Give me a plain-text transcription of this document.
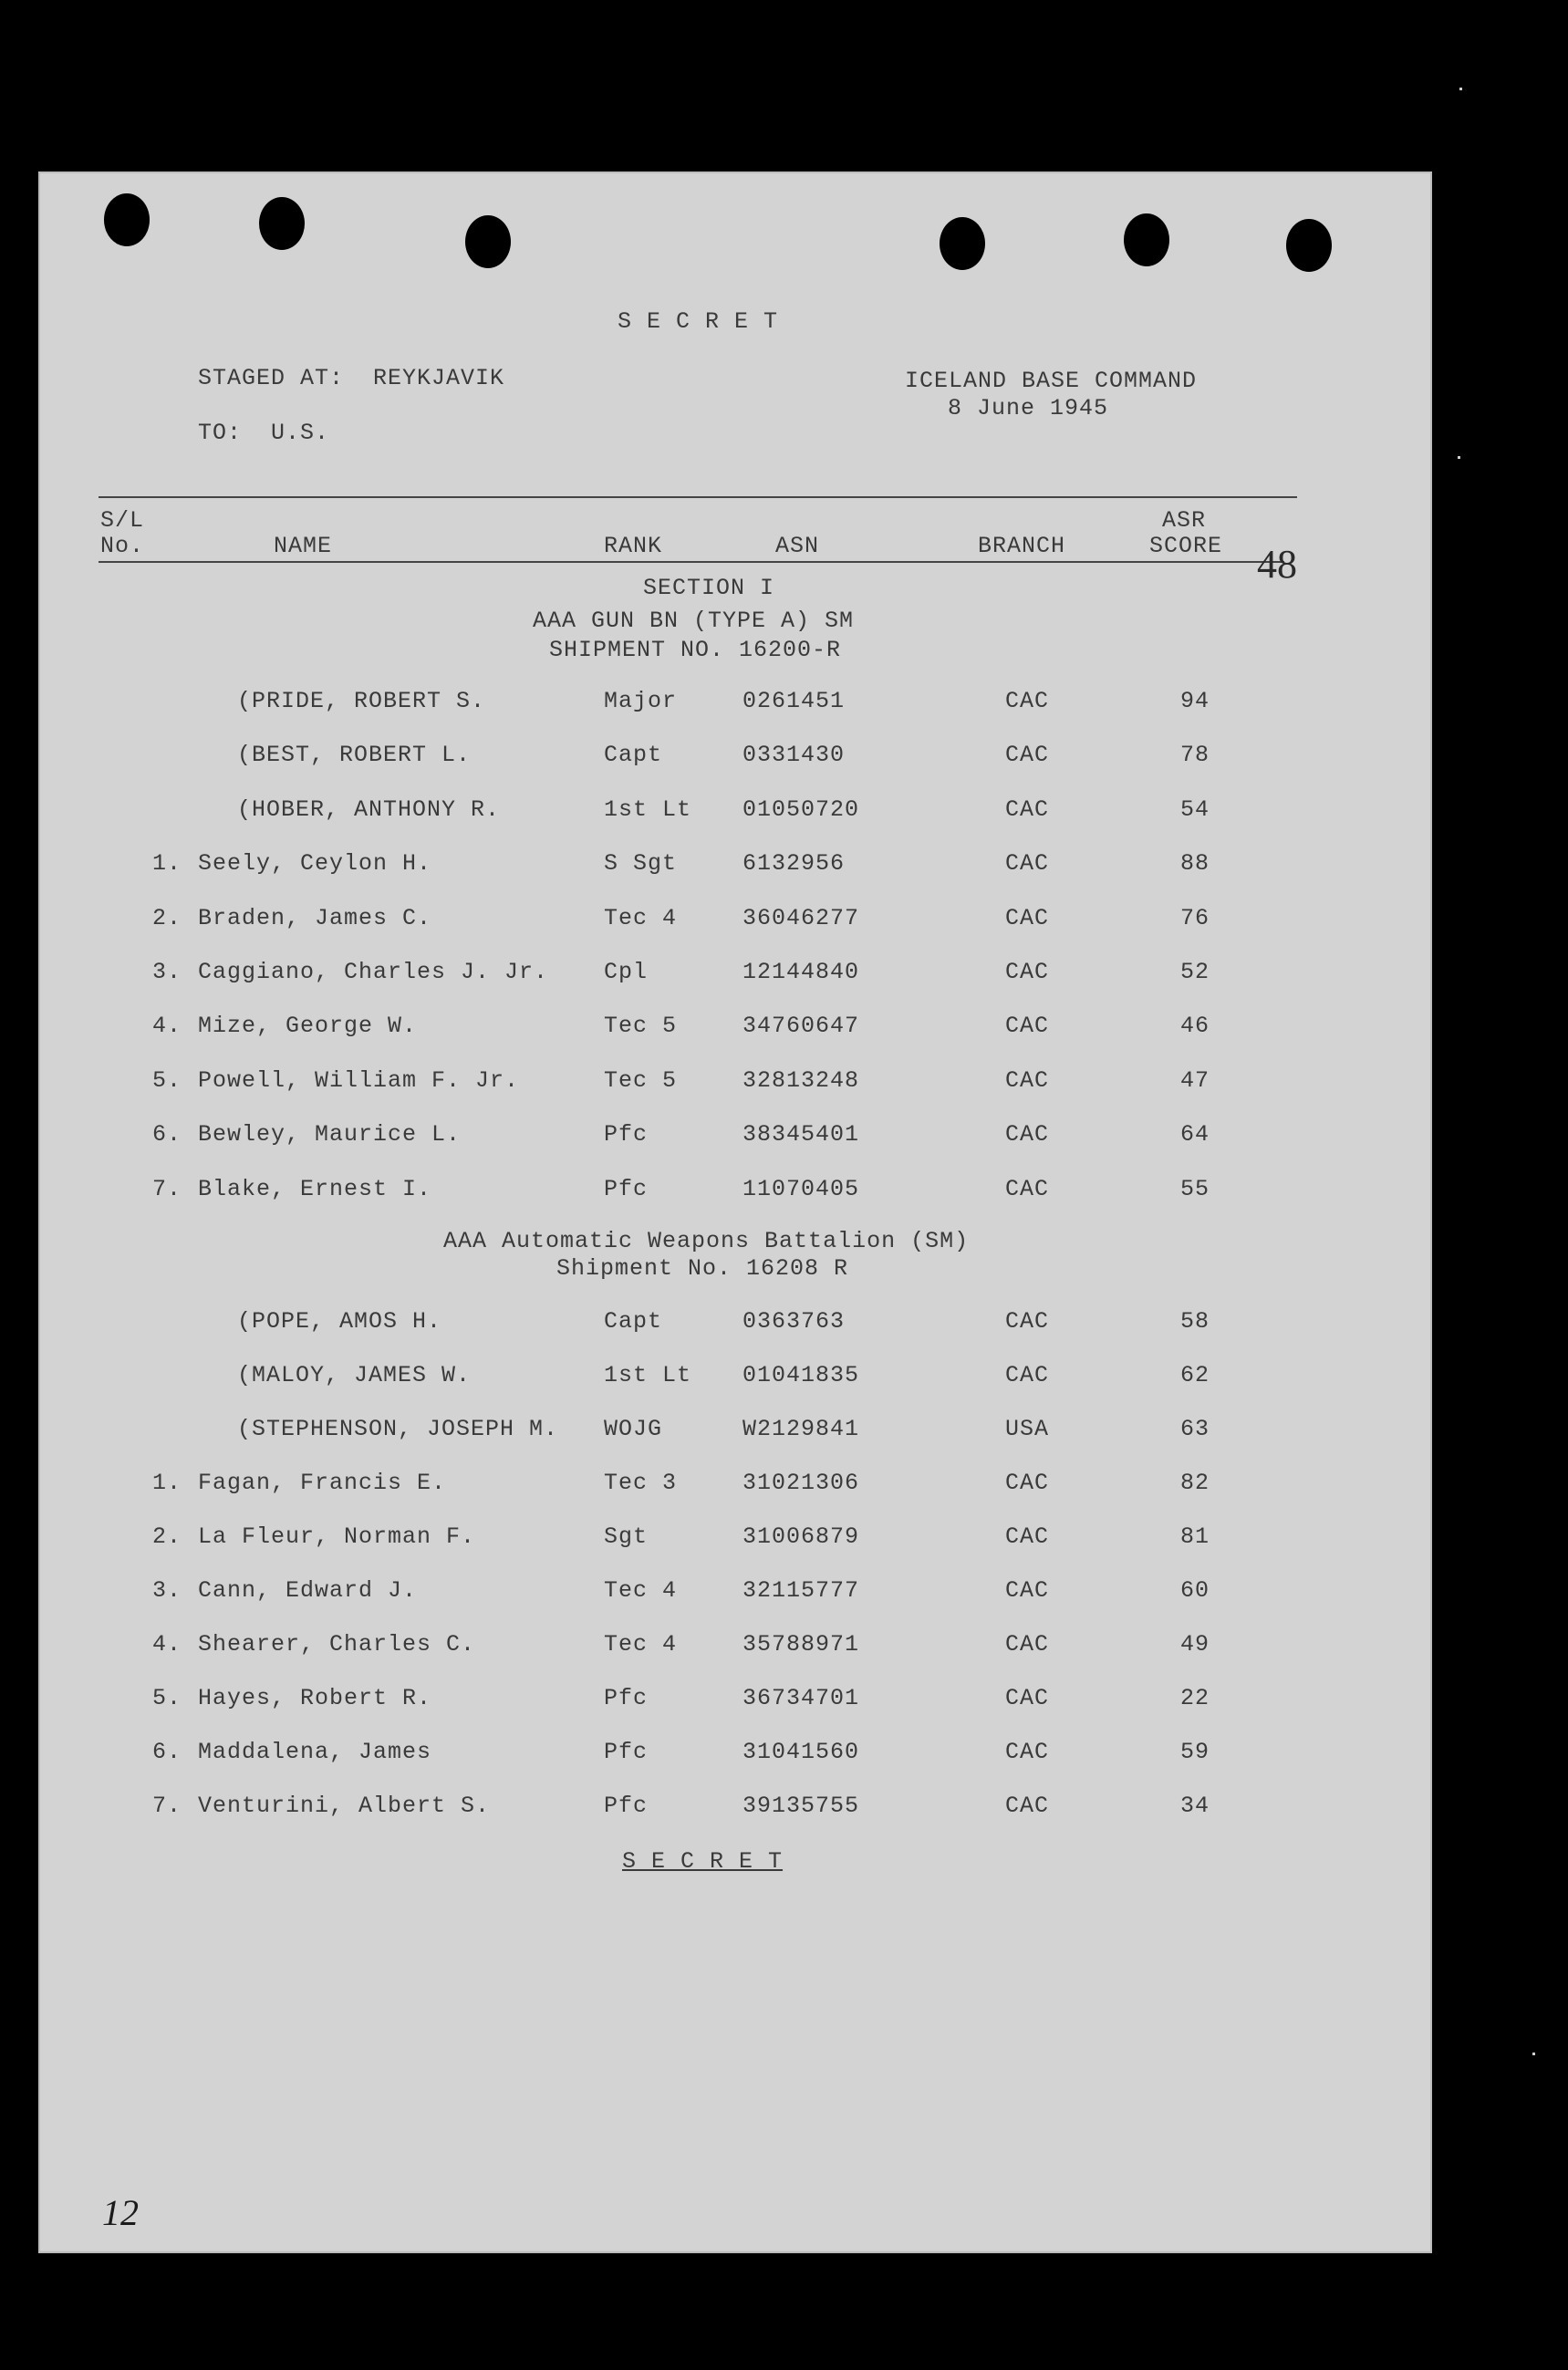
S E C R E T
STAGED AT:  REYKJAVIK	ICELAND BASE COMMAND
8 June 1945
TO:  U.S.
S/L
No.	NAME	RANK	ASN	BRANCH
ASR
SCORE 48
SECTION I
AAA GUN BN (TYPE A) SM
SHIPMENT NO. 16200-R
(PRIDE, ROBERT S.	Major	0261451	CAC	94
(BEST, ROBERT L.	Capt	0331430	CAC	78
(HOBER, ANTHONY R.	1st Lt 01050720	CAC	54
1. Seely, Ceylon H.	S Sgt	6132956	CAC	88
2. Braden, James C.	Tec 4	36046277	CAC	76
3. Caggiano, Charles J. Jr. Cpl	12144840	CAC	52
4. Mize, George W.	Tec 5	34760647	CAC	46
5. Powell, William F. Jr.	Tec 5	32813248	CAC	47
6. Bewley, Maurice L.	Pfc	38345401	CAC	64
7. Blake, Ernest I.	Pfc	11070405	CAC	55
AAA Automatic Weapons Battalion (SM)
Shipment No. 16208 R
(POPE, AMOS H.	Capt	0363763	CAC	58
(MALOY, JAMES W.	1st Lt 01041835	CAC	62
(STEPHENSON, JOSEPH M. WOJG	W2129841	USA	63
1. Fagan, Francis E.	Tec 3	31021306	CAC	82
2. La Fleur, Norman F.	Sgt	31006879	CAC	81
3. Cann, Edward J.	Tec 4	32115777	CAC	60
4. Shearer, Charles C.	Tec 4	35788971	CAC	49
5. Hayes, Robert R.	Pfc	36734701	CAC	22
6. Maddalena, James	Pfc	31041560	CAC	59
7. Venturini, Albert S.	Pfc	39135755	CAC	34
S E C R E T
12
